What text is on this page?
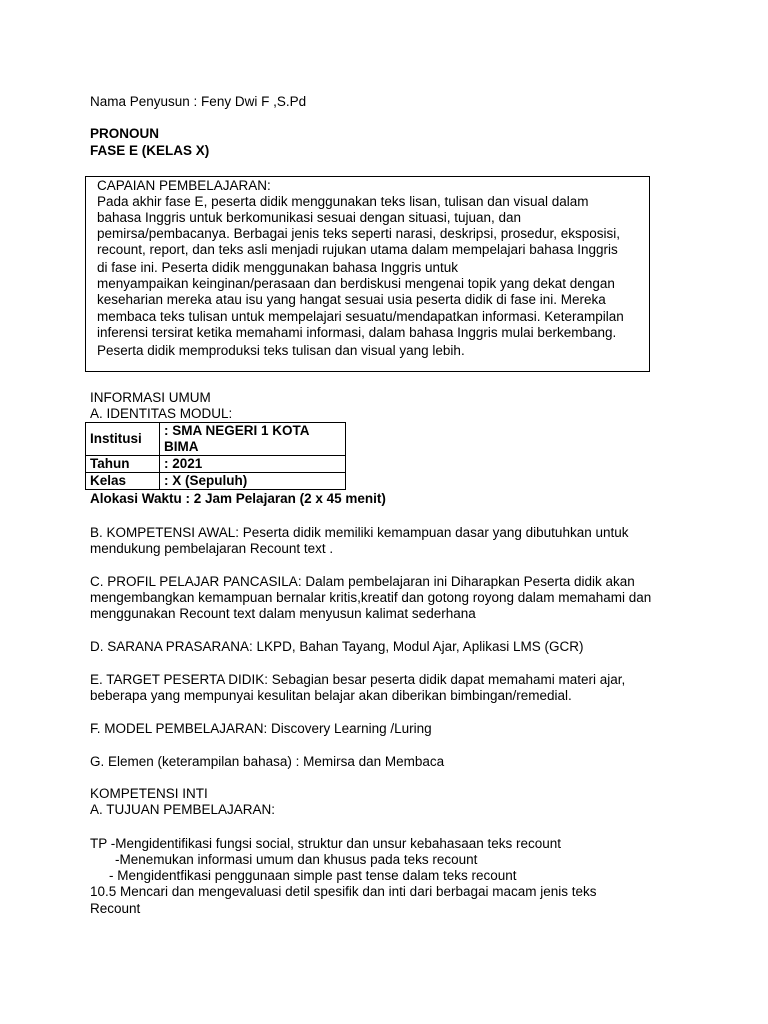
Nama Penyusun : Feny Dwi F ,S.Pd
PRONOUN
FASE E (KELAS X)
CAPAIAN PEMBELAJARAN:
Pada akhir fase E, peserta didik menggunakan teks lisan, tulisan dan visual dalam
bahasa Inggris untuk berkomunikasi sesuai dengan situasi, tujuan, dan
pemirsa/pembacanya. Berbagai jenis teks seperti narasi, deskripsi, prosedur, eksposisi,
recount, report, dan teks asli menjadi rujukan utama dalam mempelajari bahasa Inggris
di fase ini. Peserta didik menggunakan bahasa Inggris untuk
menyampaikan keinginan/perasaan dan berdiskusi mengenai topik yang dekat dengan
keseharian mereka atau isu yang hangat sesuai usia peserta didik di fase ini. Mereka
membaca teks tulisan untuk mempelajari sesuatu/mendapatkan informasi. Keterampilan
inferensi tersirat ketika memahami informasi, dalam bahasa Inggris mulai berkembang.
Peserta didik memproduksi teks tulisan dan visual yang lebih.
INFORMASI UMUM
A. IDENTITAS MODUL:
Institusi	: SMA NEGERI 1 KOTA
BIMA

Tahun	: 2021
Kelas	: X (Sepuluh)
Alokasi Waktu : 2 Jam Pelajaran (2 x 45 menit)
B. KOMPETENSI AWAL: Peserta didik memiliki kemampuan dasar yang dibutuhkan untuk
mendukung pembelajaran Recount text .
C. PROFIL PELAJAR PANCASILA: Dalam pembelajaran ini Diharapkan Peserta didik akan
mengembangkan kemampuan bernalar kritis,kreatif dan gotong royong dalam memahami dan
menggunakan Recount text dalam menyusun kalimat sederhana
D. SARANA PRASARANA: LKPD, Bahan Tayang, Modul Ajar, Aplikasi LMS (GCR)
E. TARGET PESERTA DIDIK: Sebagian besar peserta didik dapat memahami materi ajar,
beberapa yang mempunyai kesulitan belajar akan diberikan bimbingan/remedial.
F. MODEL PEMBELAJARAN: Discovery Learning /Luring
G. Elemen (keterampilan bahasa) : Memirsa dan Membaca
KOMPETENSI INTI
A. TUJUAN PEMBELAJARAN:
TP -Mengidentifikasi fungsi social, struktur dan unsur kebahasaan teks recount
-Menemukan informasi umum dan khusus pada teks recount
- Mengidentfikasi penggunaan simple past tense dalam teks recount
10.5 Mencari dan mengevaluasi detil spesifik dan inti dari berbagai macam jenis teks
Recount
